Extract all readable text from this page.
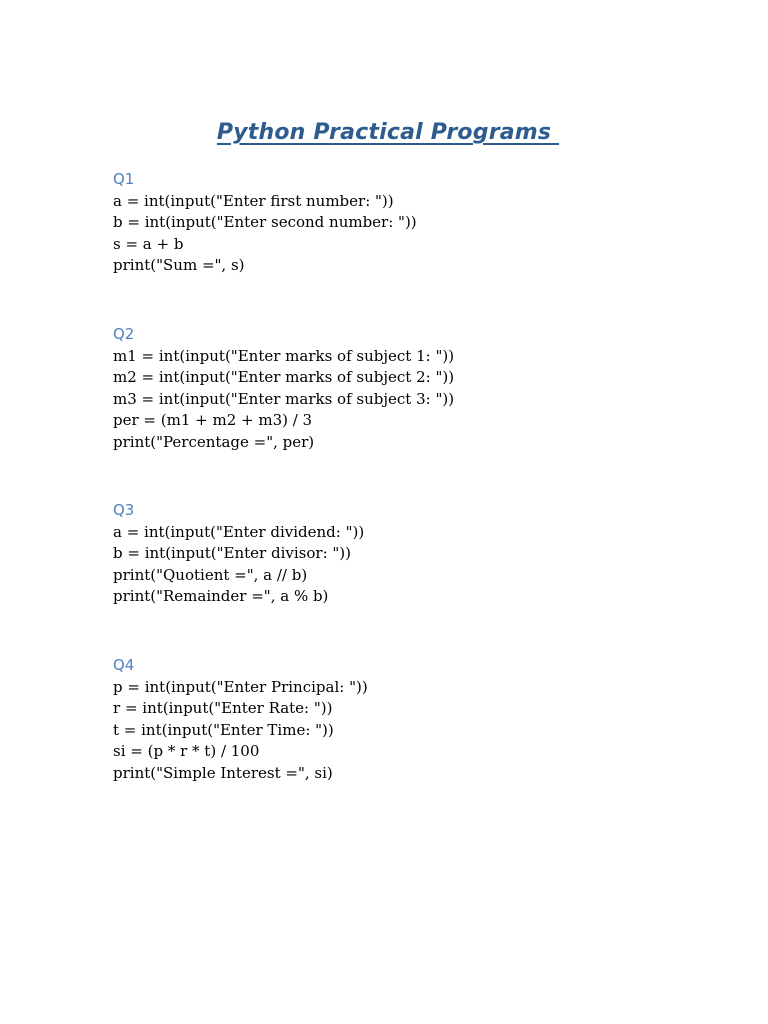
Python Practical Programs
Q1
a = int(input("Enter first number: "))
b = int(input("Enter second number: "))
s = a + b
print("Sum =", s)
Q2
m1 = int(input("Enter marks of subject 1: "))
m2 = int(input("Enter marks of subject 2: "))
m3 = int(input("Enter marks of subject 3: "))
per = (m1 + m2 + m3) / 3
print("Percentage =", per)
Q3
a = int(input("Enter dividend: "))
b = int(input("Enter divisor: "))
print("Quotient =", a // b)
print("Remainder =", a % b)
Q4
p = int(input("Enter Principal: "))
r = int(input("Enter Rate: "))
t = int(input("Enter Time: "))
si = (p * r * t) / 100
print("Simple Interest =", si)
